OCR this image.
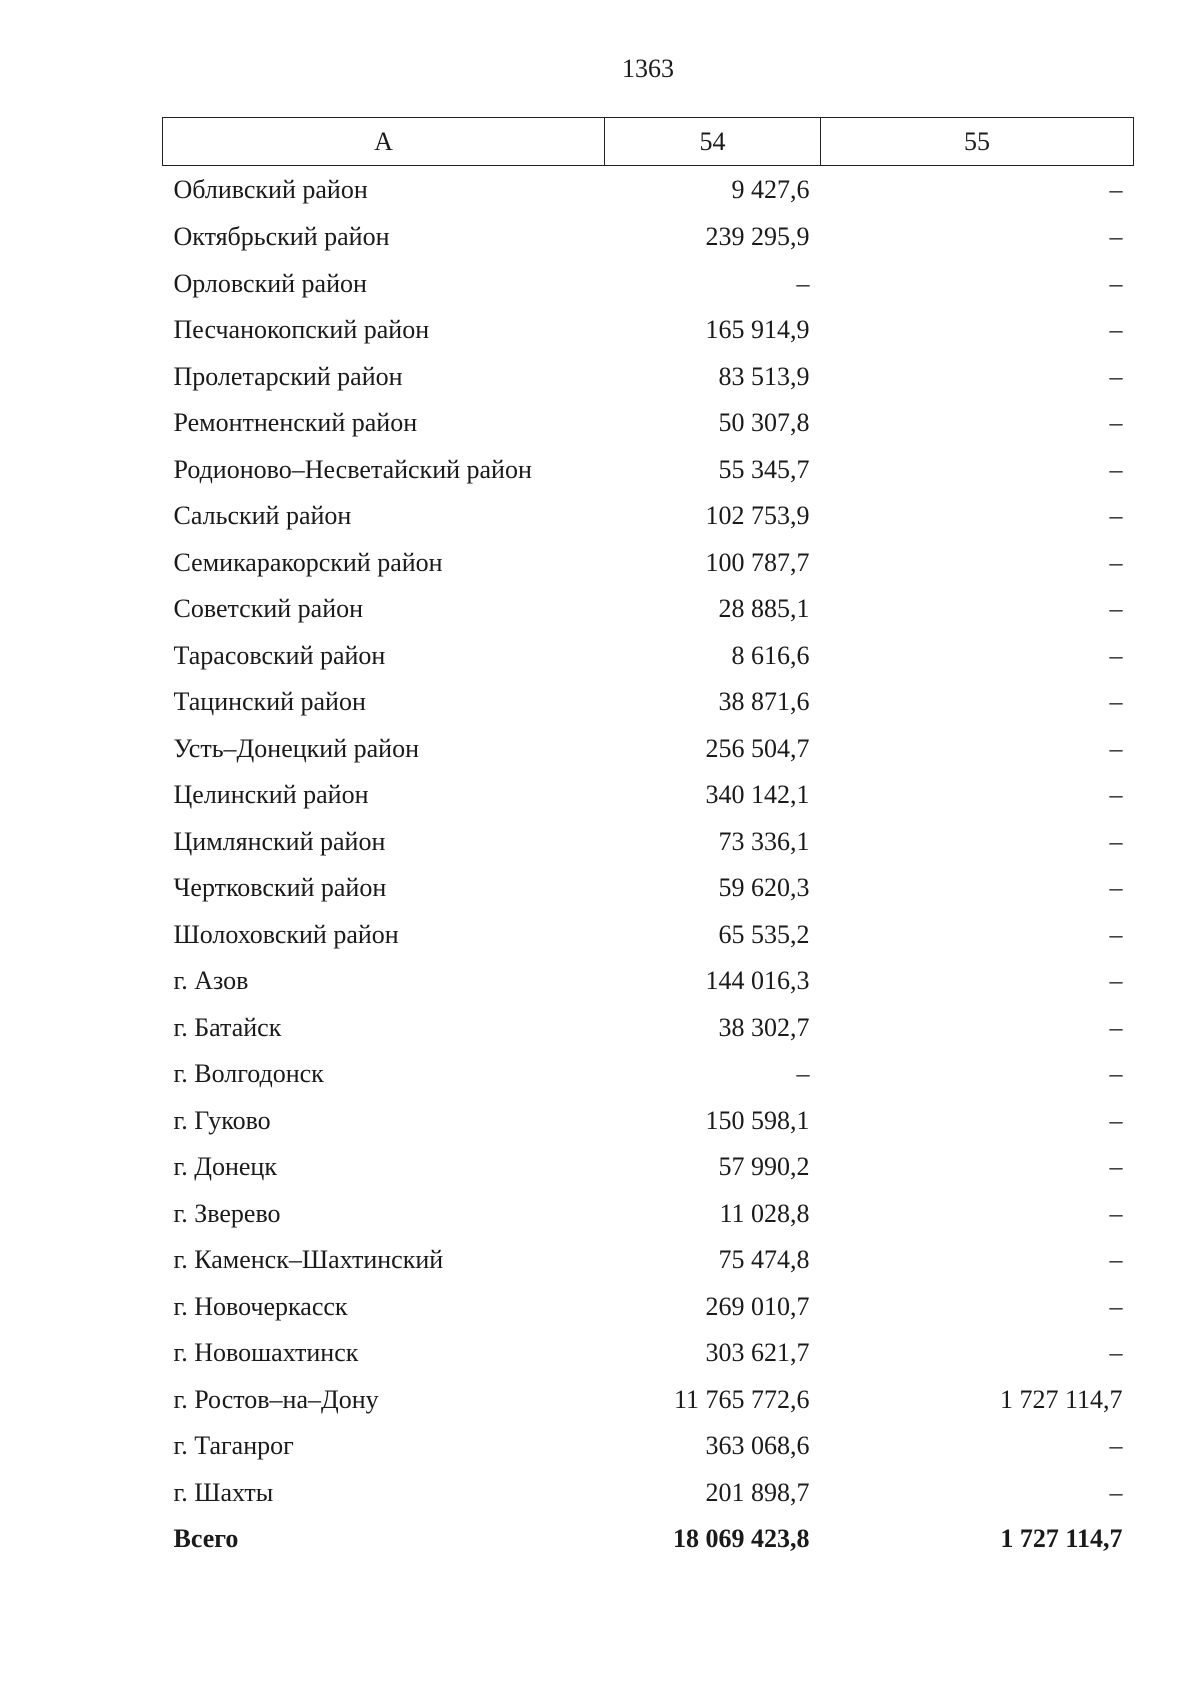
1363
А	54	55
Обливский район	9 427,6	–
Октябрьский район	239 295,9	–
Орловский район	–	–
Песчанокопский район	165 914,9	–
Пролетарский район	83 513,9	–
Ремонтненский район	50 307,8	–
Родионово–Несветайский район	55 345,7	–
Сальский район	102 753,9	–
Семикаракорский район	100 787,7	–
Советский район	28 885,1	–
Тарасовский район	8 616,6	–
Тацинский район	38 871,6	–
Усть–Донецкий район	256 504,7	–
Целинский район	340 142,1	–
Цимлянский район	73 336,1	–
Чертковский район	59 620,3	–
Шолоховский район	65 535,2	–
г. Азов	144 016,3	–
г. Батайск	38 302,7	–
г. Волгодонск	–	–
г. Гуково	150 598,1	–
г. Донецк	57 990,2	–
г. Зверево	11 028,8	–
г. Каменск–Шахтинский	75 474,8	–
г. Новочеркасск	269 010,7	–
г. Новошахтинск	303 621,7	–
г. Ростов–на–Дону	11 765 772,6	1 727 114,7
г. Таганрог	363 068,6	–
г. Шахты	201 898,7	–
Всего	18 069 423,8	1 727 114,7
